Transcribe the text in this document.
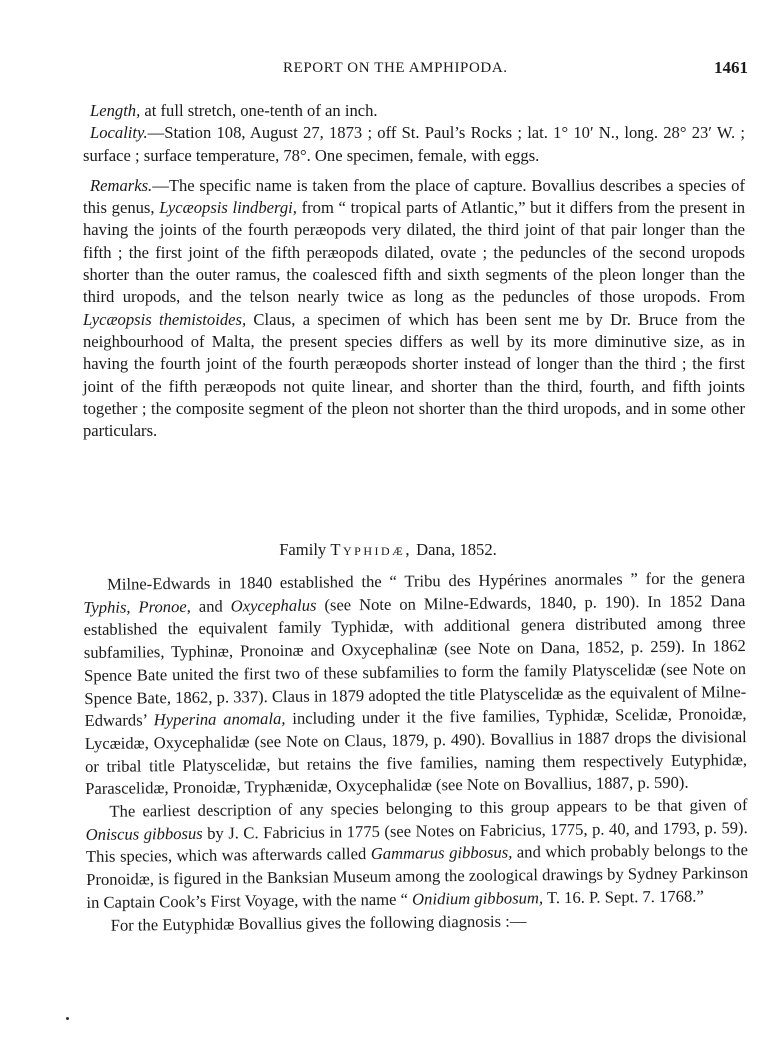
REPORT ON THE AMPHIPODA.	1461

Length, at full stretch, one-tenth of an inch.

Locality.—Station 108, August 27, 1873 ; off St. Paul’s Rocks ; lat. 1° 10′ N., long. 28° 23′ W. ; surface ; surface temperature, 78°. One specimen, female, with eggs.

Remarks.—The specific name is taken from the place of capture. Bovallius describes a species of this genus, Lycæopsis lindbergi, from “ tropical parts of Atlantic,” but it differs from the present in having the joints of the fourth peræopods very dilated, the third joint of that pair longer than the fifth ; the first joint of the fifth peræopods dilated, ovate ; the peduncles of the second uropods shorter than the outer ramus, the coalesced fifth and sixth segments of the pleon longer than the third uropods, and the telson nearly twice as long as the peduncles of those uropods. From Lycæopsis themistoides, Claus, a specimen of which has been sent me by Dr. Bruce from the neighbourhood of Malta, the present species differs as well by its more diminutive size, as in having the fourth joint of the fourth peræopods shorter instead of longer than the third ; the first joint of the fifth peræopods not quite linear, and shorter than the third, fourth, and fifth joints together ; the composite segment of the pleon not shorter than the third uropods, and in some other particulars.

Family Typhidæ, Dana, 1852.

Milne-Edwards in 1840 established the “ Tribu des Hypérines anormales ” for the genera Typhis, Pronoe, and Oxycephalus (see Note on Milne-Edwards, 1840, p. 190). In 1852 Dana established the equivalent family Typhidæ, with additional genera distributed among three subfamilies, Typhinæ, Pronoinæ and Oxycephalinæ (see Note on Dana, 1852, p. 259). In 1862 Spence Bate united the first two of these subfamilies to form the family Platyscelidæ (see Note on Spence Bate, 1862, p. 337). Claus in 1879 adopted the title Platyscelidæ as the equivalent of Milne-Edwards’ Hyperina anomala, including under it the five families, Typhidæ, Scelidæ, Pronoidæ, Lycæidæ, Oxycephalidæ (see Note on Claus, 1879, p. 490). Bovallius in 1887 drops the divisional or tribal title Platyscelidæ, but retains the five families, naming them respectively Eutyphidæ, Parascelidæ, Pronoidæ, Tryphænidæ, Oxycephalidæ (see Note on Bovallius, 1887, p. 590).

The earliest description of any species belonging to this group appears to be that given of Oniscus gibbosus by J. C. Fabricius in 1775 (see Notes on Fabricius, 1775, p. 40, and 1793, p. 59). This species, which was afterwards called Gammarus gibbosus, and which probably belongs to the Pronoidæ, is figured in the Banksian Museum among the zoological drawings by Sydney Parkinson in Captain Cook’s First Voyage, with the name “ Onidium gibbosum, T. 16. P. Sept. 7. 1768.”

For the Eutyphidæ Bovallius gives the following diagnosis :—
